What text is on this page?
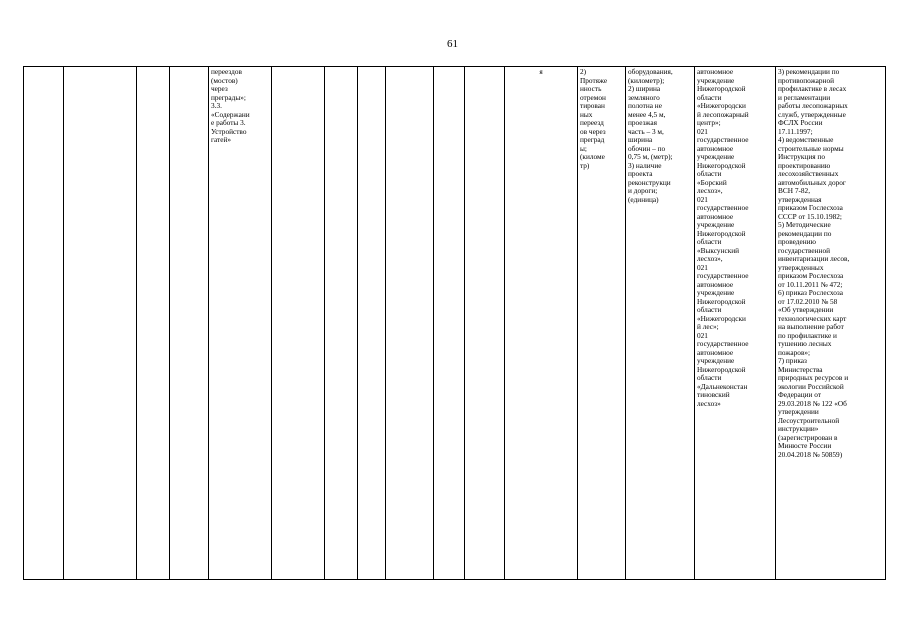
61
				переездов
(мостов)
через
преграды»;
3.3.
«Содержани
е работы 3.
Устройство
гатей»							я	2)
Протяже
нность
отремон
тирован
ных
переезд
ов через
преград
ы;
(киломе
тр)	оборудования,
(километр);
2) ширина
земляного
полотна не
менее 4,5 м,
проезжая
часть – 3 м,
ширина
обочин – по
0,75 м, (метр);
3) наличие
проекта
реконструкци
и дороги;
(единица)	автономное
учреждение
Нижегородской
области
«Нижегородски
й лесопожарный
центр»;
021
государственное
автономное
учреждение
Нижегородской
области
«Борский
лесхоз»,
021
государственное
автономное
учреждение
Нижегородской
области
«Выксунский
лесхоз»,
021
государственное
автономное
учреждение
Нижегородской
области
«Нижегородски
й лес»;
021
государственное
автономное
учреждение
Нижегородской
области
«Дальнеконстан
тиновский
лесхоз»	3) рекомендации по
противопожарной
профилактике в лесах
и регламентации
работы лесопожарных
служб, утвержденные
ФСЛХ России
17.11.1997;
4) ведомственные
строительные нормы
Инструкция по
проектированию
лесохозяйственных
автомобильных дорог
ВСН 7-82,
утвержденная
приказом Гослесхоза
СССР от 15.10.1982;
5) Методические
рекомендации по
проведению
государственной
инвентаризации лесов,
утвержденных
приказом Рослесхоза
от 10.11.2011 № 472;
6) приказ Рослесхоза
от 17.02.2010 № 58
«Об утверждении
технологических карт
на выполнение работ
по профилактике и
тушению лесных
пожаров»;
7) приказ
Министерства
природных ресурсов и
экологии Российской
Федерации от
29.03.2018 № 122 «Об
утверждении
Лесоустроительной
инструкции»
(зарегистрирован в
Минюсте России
20.04.2018 № 50859)
